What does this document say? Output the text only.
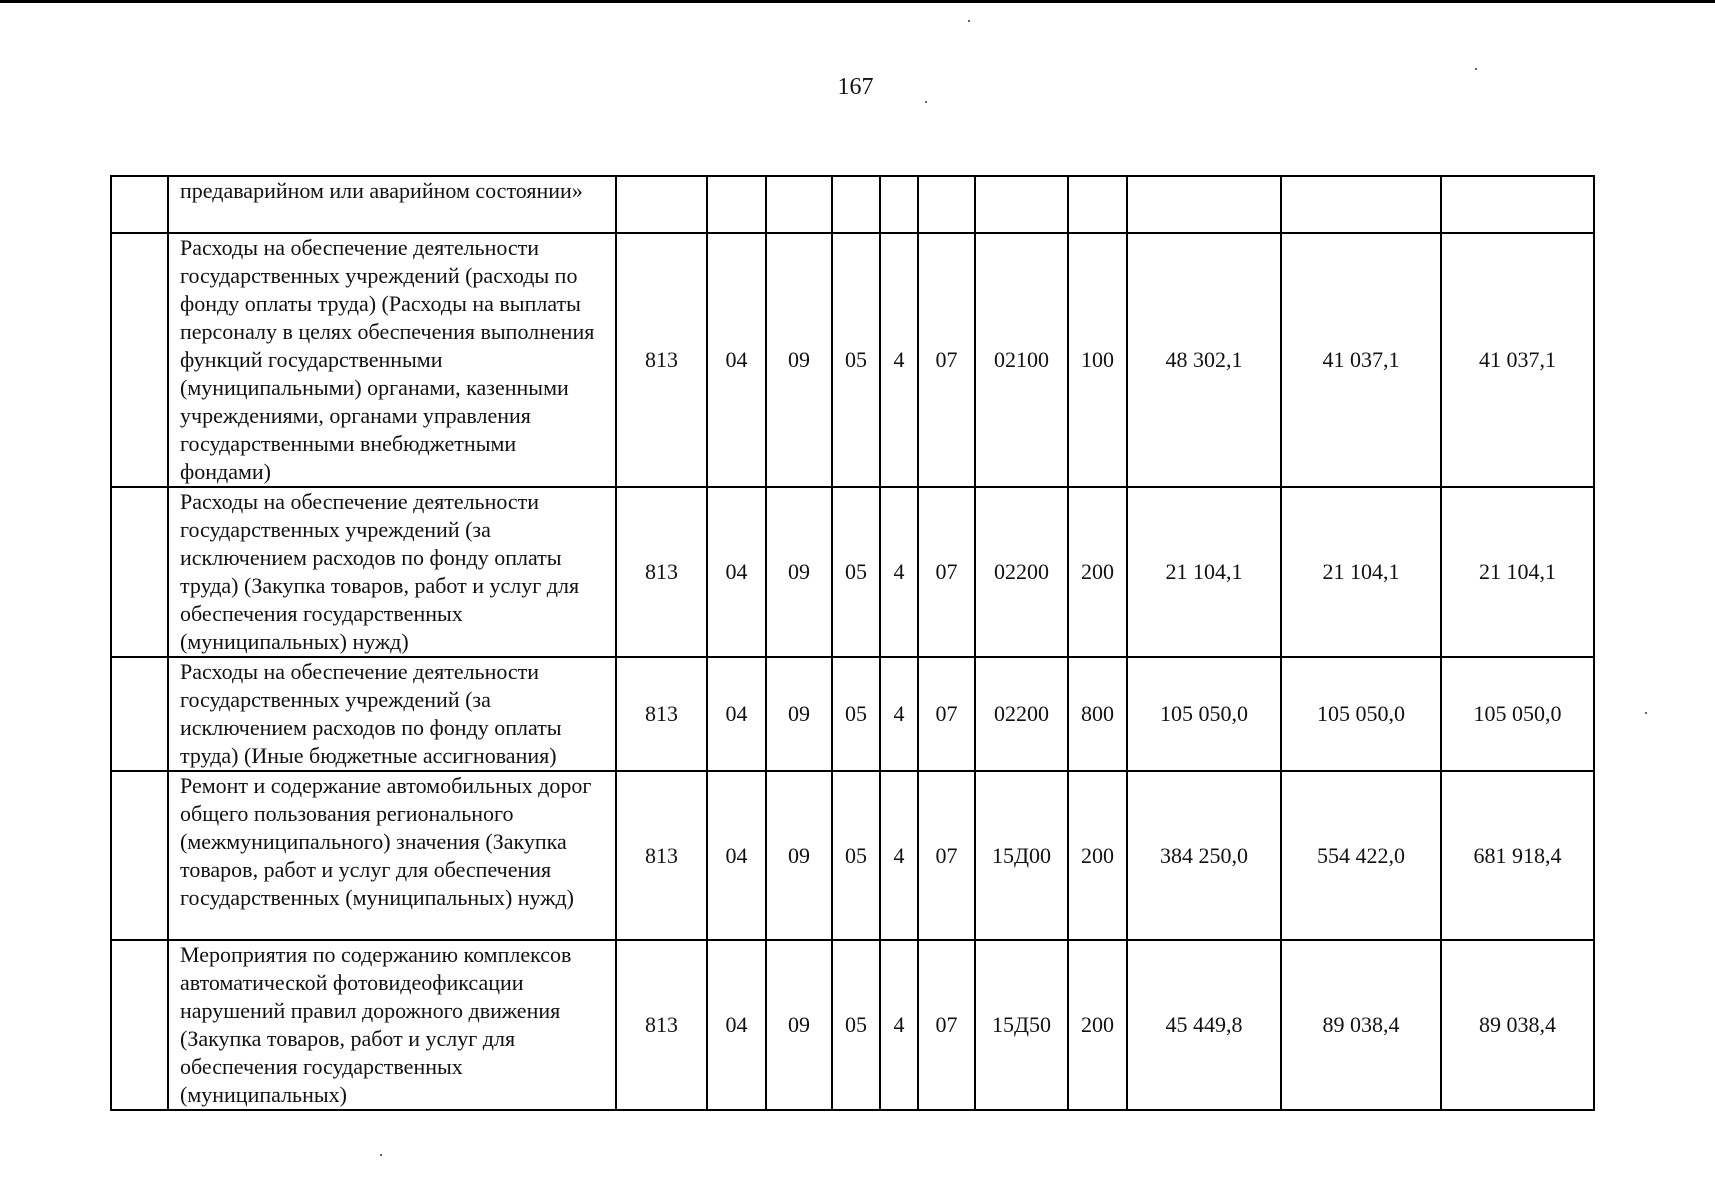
167
	предаварийном или аварийном состоянии»											
	Расходы на обеспечение деятельности государственных учреждений (расходы по фонду оплаты труда) (Расходы на выплаты персоналу в целях обеспечения выполнения функций государственными (муниципальными) органами, казенными учреждениями, органами управления государственными внебюджетными фондами)	813	04	09	05	4	07	02100	100	48 302,1	41 037,1	41 037,1
	Расходы на обеспечение деятельности государственных учреждений (за исключением расходов по фонду оплаты труда) (Закупка товаров, работ и услуг для обеспечения государственных (муниципальных) нужд)	813	04	09	05	4	07	02200	200	21 104,1	21 104,1	21 104,1
	Расходы на обеспечение деятельности государственных учреждений (за исключением расходов по фонду оплаты труда) (Иные бюджетные ассигнования)	813	04	09	05	4	07	02200	800	105 050,0	105 050,0	105 050,0
	Ремонт и содержание автомобильных дорог общего пользования регионального (межмуниципального) значения (Закупка товаров, работ и услуг для обеспечения государственных (муниципальных) нужд)	813	04	09	05	4	07	15Д00	200	384 250,0	554 422,0	681 918,4
	Мероприятия по содержанию комплексов автоматической фотовидеофиксации нарушений правил дорожного движения (Закупка товаров, работ и услуг для обеспечения государственных (муниципальных)	813	04	09	05	4	07	15Д50	200	45 449,8	89 038,4	89 038,4
